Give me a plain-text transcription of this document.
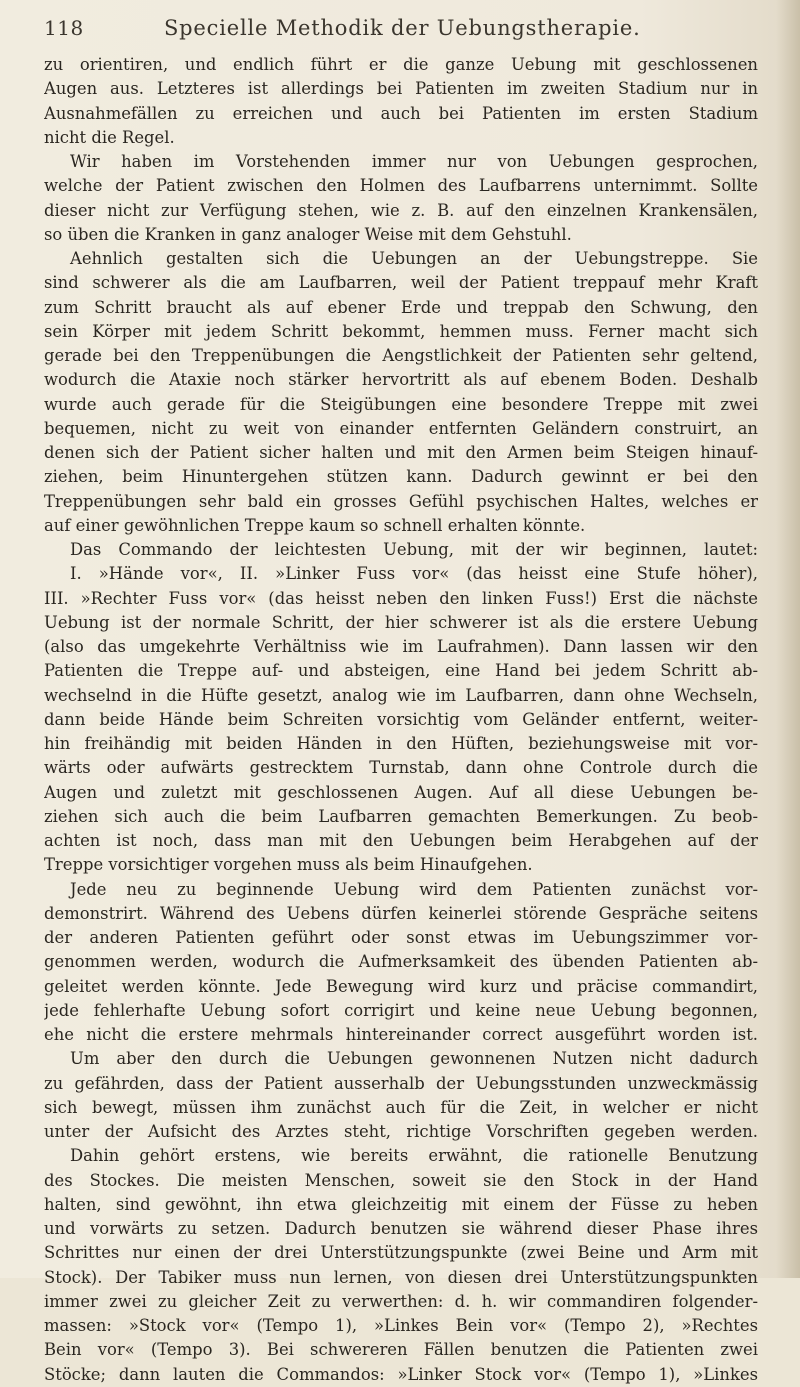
118	Specielle Methodik der Uebungstherapie.
zu orientiren, und endlich führt er die ganze Uebung mit geschlossenen
Augen aus. Letzteres ist allerdings bei Patienten im zweiten Stadium nur in
Ausnahmefällen zu erreichen und auch bei Patienten im ersten Stadium
nicht die Regel.
Wir haben im Vorstehenden immer nur von Uebungen gesprochen,
welche der Patient zwischen den Holmen des Laufbarrens unternimmt. Sollte
dieser nicht zur Verfügung stehen, wie z. B. auf den einzelnen Krankensälen,
so üben die Kranken in ganz analoger Weise mit dem Gehstuhl.
Aehnlich gestalten sich die Uebungen an der Uebungstreppe. Sie
sind schwerer als die am Laufbarren, weil der Patient treppauf mehr Kraft
zum Schritt braucht als auf ebener Erde und treppab den Schwung, den
sein Körper mit jedem Schritt bekommt, hemmen muss. Ferner macht sich
gerade bei den Treppenübungen die Aengstlichkeit der Patienten sehr geltend,
wodurch die Ataxie noch stärker hervortritt als auf ebenem Boden. Deshalb
wurde auch gerade für die Steigübungen eine besondere Treppe mit zwei
bequemen, nicht zu weit von einander entfernten Geländern construirt, an
denen sich der Patient sicher halten und mit den Armen beim Steigen hinauf-
ziehen, beim Hinuntergehen stützen kann. Dadurch gewinnt er bei den
Treppenübungen sehr bald ein grosses Gefühl psychischen Haltes, welches er
auf einer gewöhnlichen Treppe kaum so schnell erhalten könnte.
Das Commando der leichtesten Uebung, mit der wir beginnen, lautet:
I. »Hände vor«, II. »Linker Fuss vor« (das heisst eine Stufe höher),
III. »Rechter Fuss vor« (das heisst neben den linken Fuss!) Erst die nächste
Uebung ist der normale Schritt, der hier schwerer ist als die erstere Uebung
(also das umgekehrte Verhältniss wie im Laufrahmen). Dann lassen wir den
Patienten die Treppe auf- und absteigen, eine Hand bei jedem Schritt ab-
wechselnd in die Hüfte gesetzt, analog wie im Laufbarren, dann ohne Wechseln,
dann beide Hände beim Schreiten vorsichtig vom Geländer entfernt, weiter-
hin freihändig mit beiden Händen in den Hüften, beziehungsweise mit vor-
wärts oder aufwärts gestrecktem Turnstab, dann ohne Controle durch die
Augen und zuletzt mit geschlossenen Augen. Auf all diese Uebungen be-
ziehen sich auch die beim Laufbarren gemachten Bemerkungen. Zu beob-
achten ist noch, dass man mit den Uebungen beim Herabgehen auf der
Treppe vorsichtiger vorgehen muss als beim Hinaufgehen.
Jede neu zu beginnende Uebung wird dem Patienten zunächst vor-
demonstrirt. Während des Uebens dürfen keinerlei störende Gespräche seitens
der anderen Patienten geführt oder sonst etwas im Uebungszimmer vor-
genommen werden, wodurch die Aufmerksamkeit des übenden Patienten ab-
geleitet werden könnte. Jede Bewegung wird kurz und präcise commandirt,
jede fehlerhafte Uebung sofort corrigirt und keine neue Uebung begonnen,
ehe nicht die erstere mehrmals hintereinander correct ausgeführt worden ist.
Um aber den durch die Uebungen gewonnenen Nutzen nicht dadurch
zu gefährden, dass der Patient ausserhalb der Uebungsstunden unzweckmässig
sich bewegt, müssen ihm zunächst auch für die Zeit, in welcher er nicht
unter der Aufsicht des Arztes steht, richtige Vorschriften gegeben werden.
Dahin gehört erstens, wie bereits erwähnt, die rationelle Benutzung
des Stockes. Die meisten Menschen, soweit sie den Stock in der Hand
halten, sind gewöhnt, ihn etwa gleichzeitig mit einem der Füsse zu heben
und vorwärts zu setzen. Dadurch benutzen sie während dieser Phase ihres
Schrittes nur einen der drei Unterstützungspunkte (zwei Beine und Arm mit
Stock). Der Tabiker muss nun lernen, von diesen drei Unterstützungspunkten
immer zwei zu gleicher Zeit zu verwerthen: d. h. wir commandiren folgender-
massen: »Stock vor« (Tempo 1), »Linkes Bein vor« (Tempo 2), »Rechtes
Bein vor« (Tempo 3). Bei schwereren Fällen benutzen die Patienten zwei
Stöcke; dann lauten die Commandos: »Linker Stock vor« (Tempo 1), »Linkes
